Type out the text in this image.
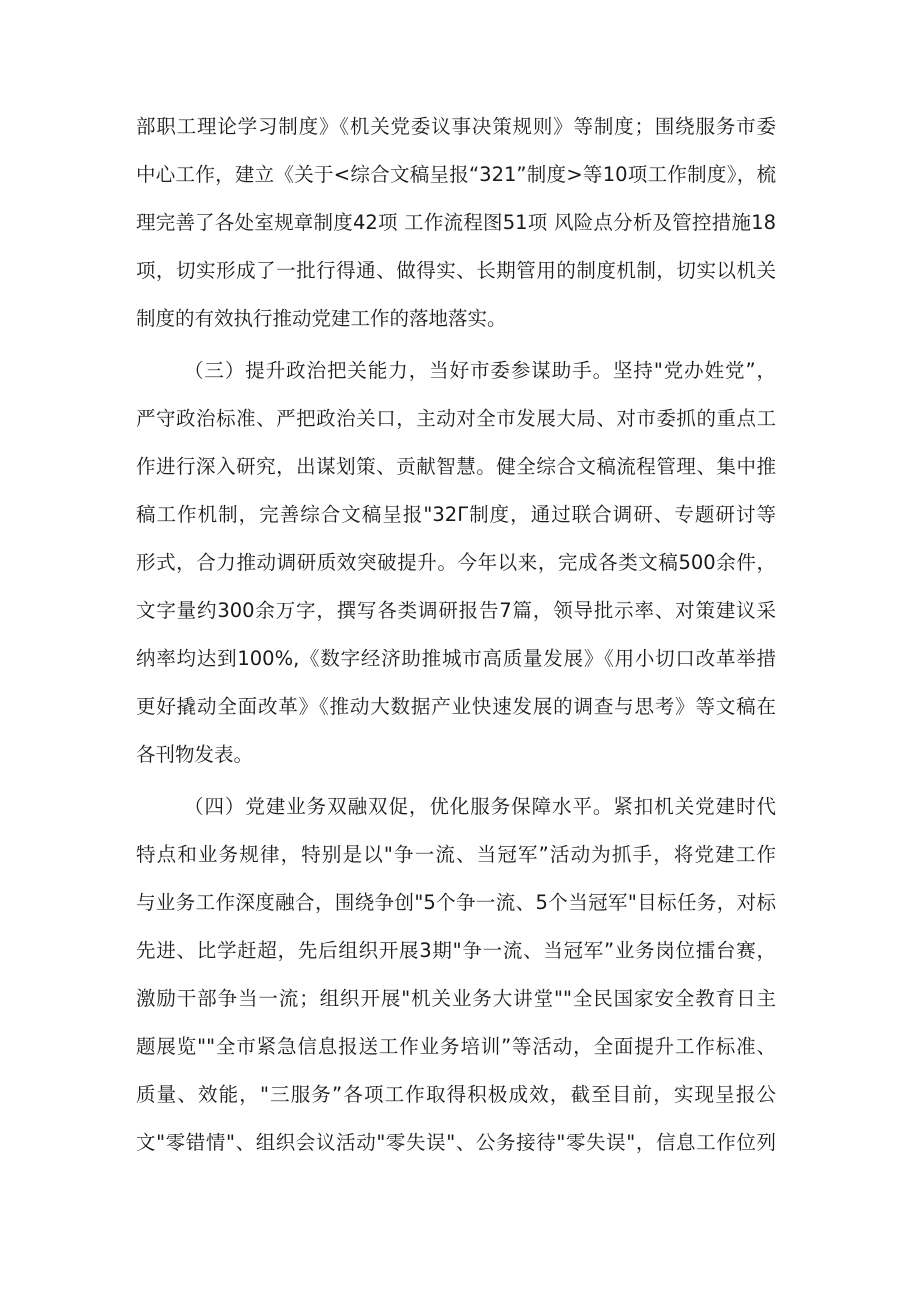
部职工理论学习制度》《机关党委议事决策规则》等制度；围绕服务市委
中心工作，建立《关于<综合文稿呈报“321”制度>等10项工作制度》，梳
理完善了各处室规章制度42项 工作流程图51项 风险点分析及管控措施18
项，切实形成了一批行得通、做得实、长期管用的制度机制，切实以机关
制度的有效执行推动党建工作的落地落实。
（三）提升政治把关能力，当好市委参谋助手。坚持"党办姓党”，
严守政治标准、严把政治关口，主动对全市发展大局、对市委抓的重点工
作进行深入研究，出谋划策、贡献智慧。健全综合文稿流程管理、集中推
稿工作机制，完善综合文稿呈报"32Γ制度，通过联合调研、专题研讨等
形式，合力推动调研质效突破提升。今年以来，完成各类文稿500余件，
文字量约300余万字，撰写各类调研报告7篇，领导批示率、对策建议采
纳率均达到100%,《数字经济助推城市高质量发展》《用小切口改革举措
更好撬动全面改革》《推动大数据产业快速发展的调查与思考》等文稿在
各刊物发表。
（四）党建业务双融双促，优化服务保障水平。紧扣机关党建时代
特点和业务规律，特别是以"争一流、当冠军”活动为抓手，将党建工作
与业务工作深度融合，围绕争创"5个争一流、5个当冠军"目标任务，对标
先进、比学赶超，先后组织开展3期"争一流、当冠军”业务岗位擂台赛，
激励干部争当一流；组织开展"机关业务大讲堂""全民国家安全教育日主
题展览""全市紧急信息报送工作业务培训”等活动，全面提升工作标准、
质量、效能，"三服务”各项工作取得积极成效，截至目前，实现呈报公
文"零错情"、组织会议活动"零失误"、公务接待"零失误"，信息工作位列
